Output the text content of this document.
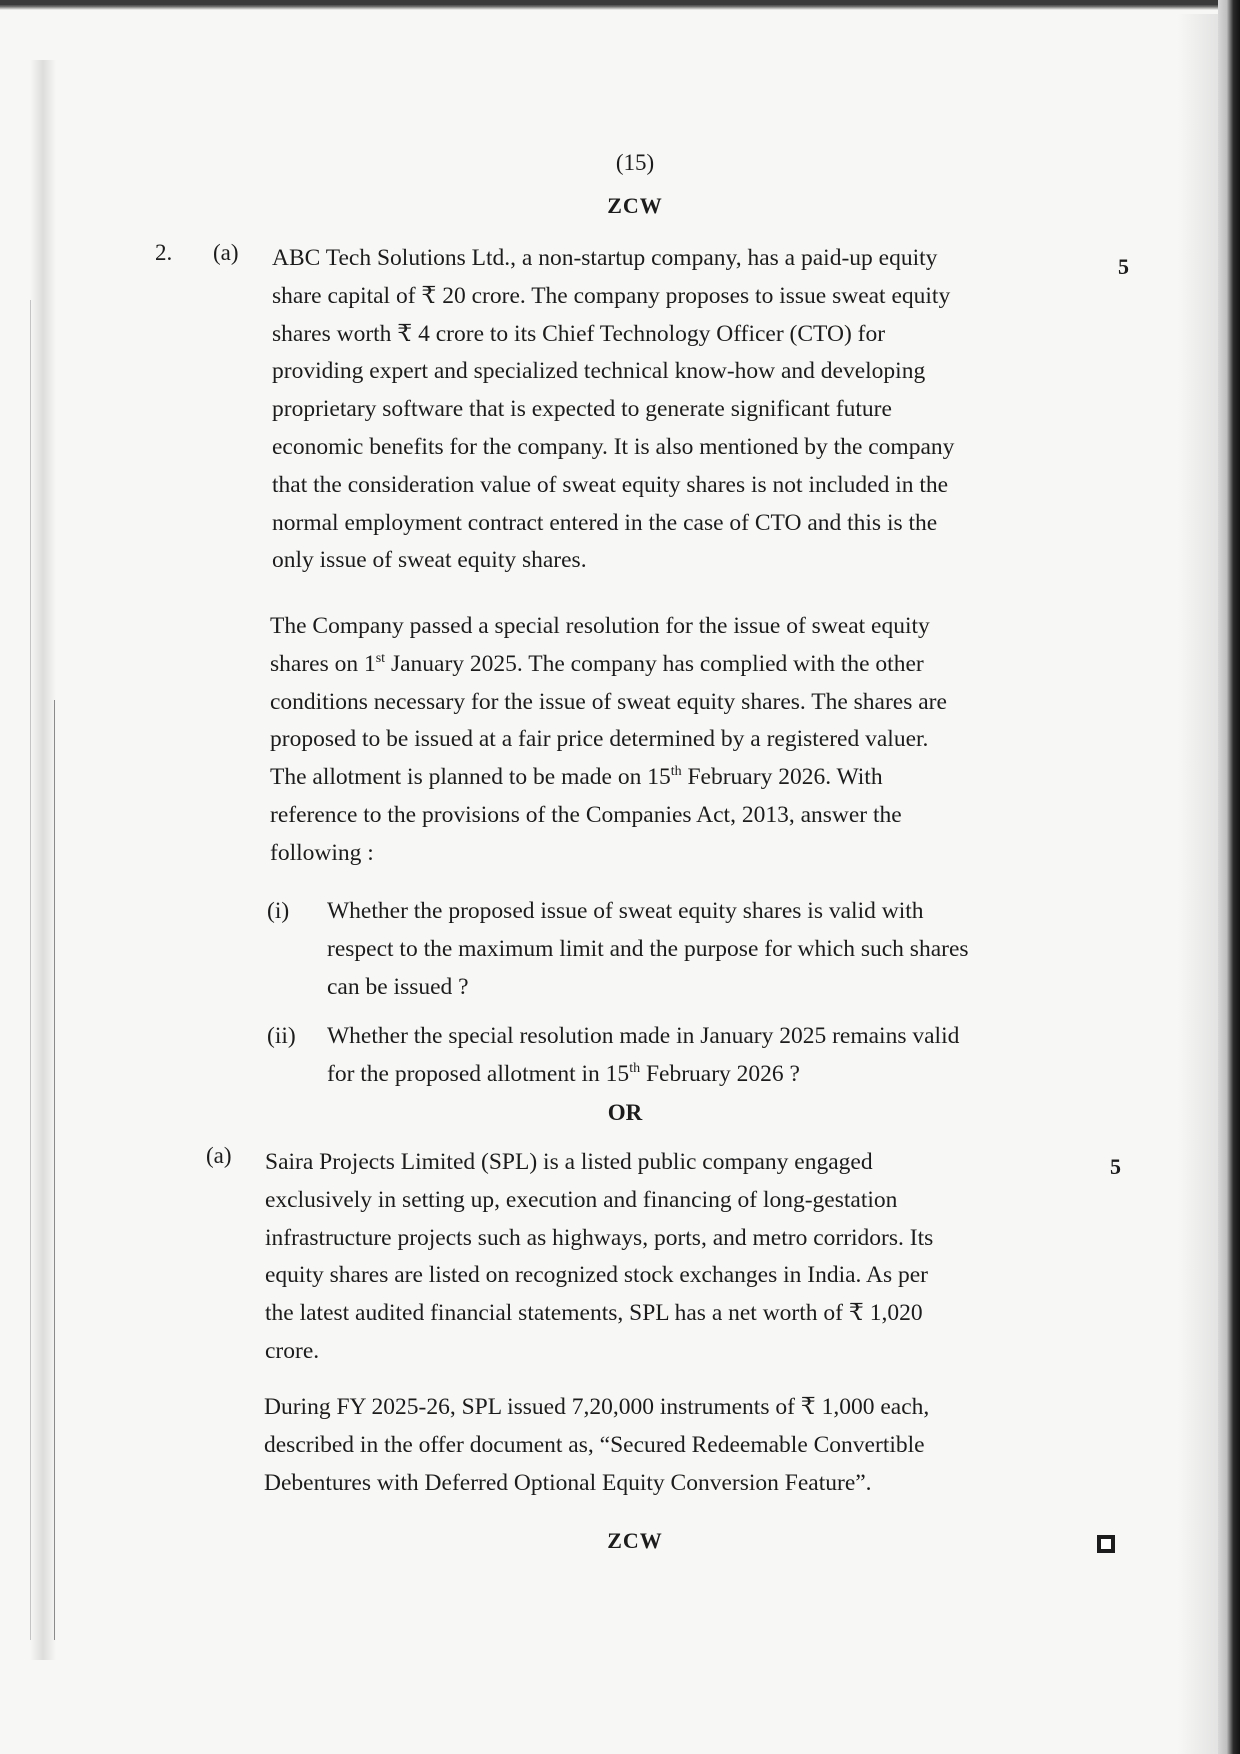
(15)
ZCW
2. (a)
5

ABC Tech Solutions Ltd., a non-startup company, has a paid-up equity
share capital of ₹ 20 crore. The company proposes to issue sweat equity
shares worth ₹ 4 crore to its Chief Technology Officer (CTO) for
providing expert and specialized technical know-how and developing
proprietary software that is expected to generate significant future
economic benefits for the company. It is also mentioned by the company
that the consideration value of sweat equity shares is not included in the
normal employment contract entered in the case of CTO and this is the
only issue of sweat equity shares.

The Company passed a special resolution for the issue of sweat equity
shares on 1st January 2025. The company has complied with the other
conditions necessary for the issue of sweat equity shares. The shares are
proposed to be issued at a fair price determined by a registered valuer.
The allotment is planned to be made on 15th February 2026. With
reference to the provisions of the Companies Act, 2013, answer the
following :

(i)	Whether the proposed issue of sweat equity shares is valid with
respect to the maximum limit and the purpose for which such shares
can be issued ?
(ii)	Whether the special resolution made in January 2025 remains valid
for the proposed allotment in 15th February 2026 ?
OR
(a)	5

Saira Projects Limited (SPL) is a listed public company engaged
exclusively in setting up, execution and financing of long-gestation
infrastructure projects such as highways, ports, and metro corridors. Its
equity shares are listed on recognized stock exchanges in India. As per
the latest audited financial statements, SPL has a net worth of ₹ 1,020
crore.

During FY 2025-26, SPL issued 7,20,000 instruments of ₹ 1,000 each,
described in the offer document as, “Secured Redeemable Convertible
Debentures with Deferred Optional Equity Conversion Feature”.

ZCW
